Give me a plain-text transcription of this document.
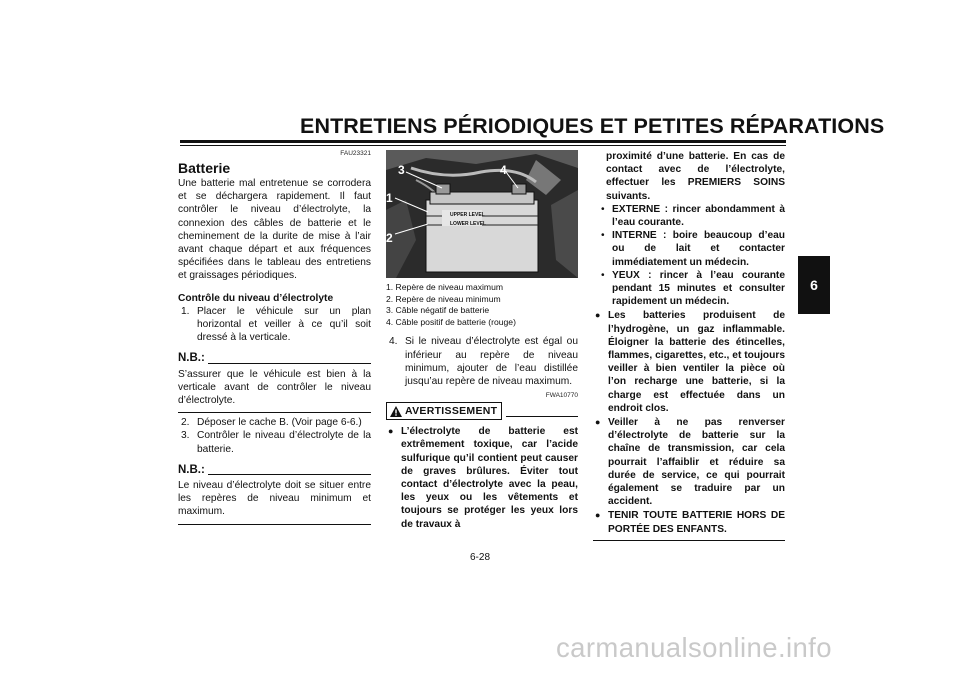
ENTRETIENS PÉRIODIQUES ET PETITES RÉPARATIONS
6
FAU23321
Batterie

Une batterie mal entretenue se corrodera et se déchargera rapidement. Il faut contrôler le niveau d’électrolyte, la connexion des câbles de batterie et le cheminement de la durite de mise à l’air avant chaque départ et aux fréquences spécifiées dans le tableau des entretiens et graissages périodiques.

Contrôle du niveau d’électrolyte
1. Placer le véhicule sur un plan horizontal et veiller à ce qu’il soit dressé à la verticale.
N.B.:

S’assurer que le véhicule est bien à la verticale avant de contrôler le niveau d’électrolyte.

2. Déposer le cache B. (Voir page 6-6.)
3. Contrôler le niveau d’électrolyte de la batterie.
N.B.:

Le niveau d’électrolyte doit se situer entre les repères de niveau minimum et maximum.

UPPER LEVEL
LOWER LEVEL
1
2
3	4
1. Repère de niveau maximum
2. Repère de niveau minimum
3. Câble négatif de batterie
4. Câble positif de batterie (rouge)
4. Si le niveau d’électrolyte est égal ou inférieur au repère de niveau minimum, ajouter de l’eau distillée jusqu’au repère de niveau maximum.
FWA10770
AVERTISSEMENT
● L’électrolyte de batterie est extrêmement toxique, car l’acide sulfurique qu’il contient peut causer de graves brûlures. Éviter tout contact d’électrolyte avec la peau, les yeux ou les vêtements et toujours se protéger les yeux lors de travaux à

proximité d’une batterie. En cas de contact avec de l’électrolyte, effectuer les PREMIERS SOINS suivants.

• EXTERNE : rincer abondamment à l’eau courante.
• INTERNE : boire beaucoup d’eau ou de lait et contacter immédiatement un médecin.
• YEUX : rincer à l’eau courante pendant 15 minutes et consulter rapidement un médecin.
● Les batteries produisent de l’hydrogène, un gaz inflammable. Éloigner la batterie des étincelles, flammes, cigarettes, etc., et toujours veiller à bien ventiler la pièce où l’on recharge une batterie, si la charge est effectuée dans un endroit clos.
● Veiller à ne pas renverser d’électrolyte de batterie sur la chaîne de transmission, car cela pourrait l’affaiblir et réduire sa durée de service, ce qui pourrait également se traduire par un accident.
● TENIR TOUTE BATTERIE HORS DE PORTÉE DES ENFANTS.
6-28
carmanualsonline.info
